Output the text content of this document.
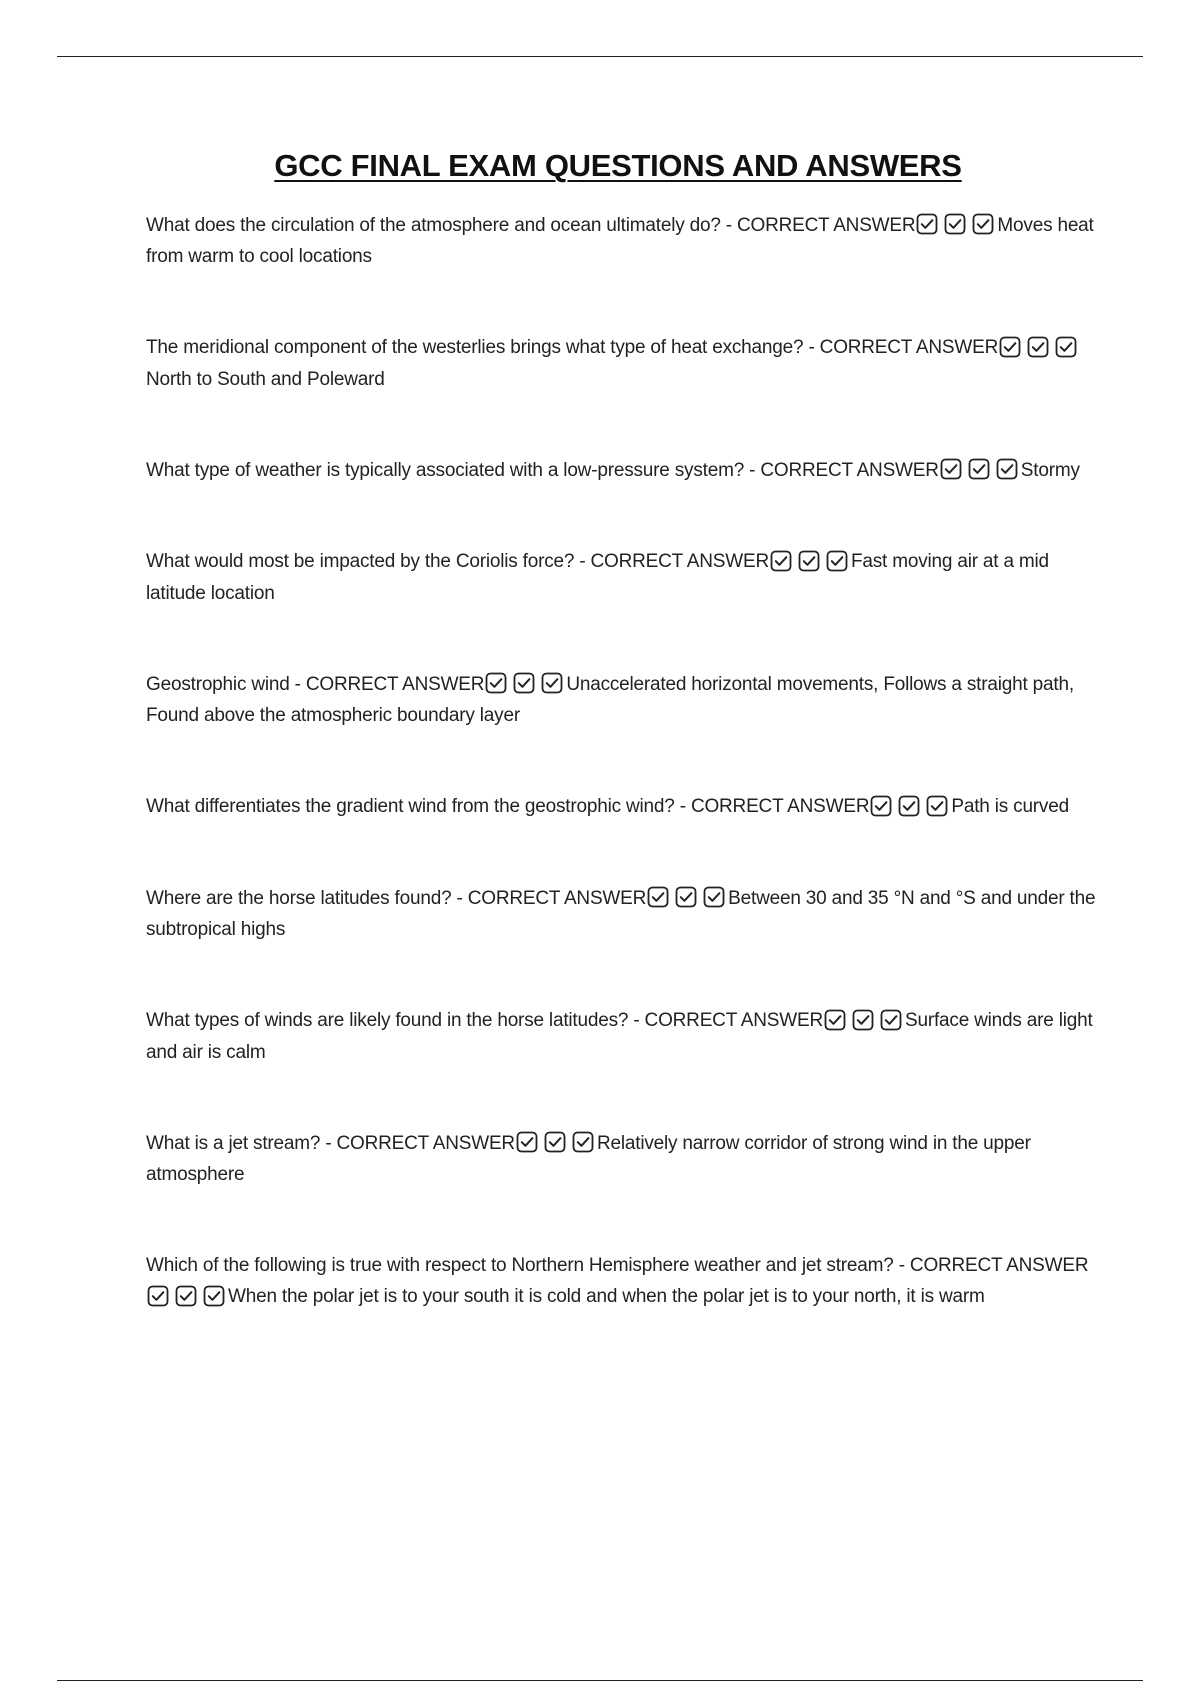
GCC FINAL EXAM QUESTIONS AND ANSWERS

What does the circulation of the atmosphere and ocean ultimately do? - CORRECT ANSWER	Moves heat from warm to cool locations

The meridional component of the westerlies brings what type of heat exchange? - CORRECT ANSWER
North to South and Poleward

What type of weather is typically associated with a low-pressure system? - CORRECT ANSWER	Stormy

What would most be impacted by the Coriolis force? - CORRECT ANSWER	Fast moving air at a mid latitude location

Geostrophic wind - CORRECT ANSWER	Unaccelerated horizontal movements, Follows a straight path, Found above the atmospheric boundary layer

What differentiates the gradient wind from the geostrophic wind? - CORRECT ANSWER	Path is curved

Where are the horse latitudes found? - CORRECT ANSWER	Between 30 and 35 °N and °S and under the subtropical highs

What types of winds are likely found in the horse latitudes? - CORRECT ANSWER	Surface winds are light and air is calm

What is a jet stream? - CORRECT ANSWER	Relatively narrow corridor of strong wind in the upper atmosphere

Which of the following is true with respect to Northern Hemisphere weather and jet stream? - CORRECT ANSWER
When the polar jet is to your south it is cold and when the polar jet is to your north, it is warm
